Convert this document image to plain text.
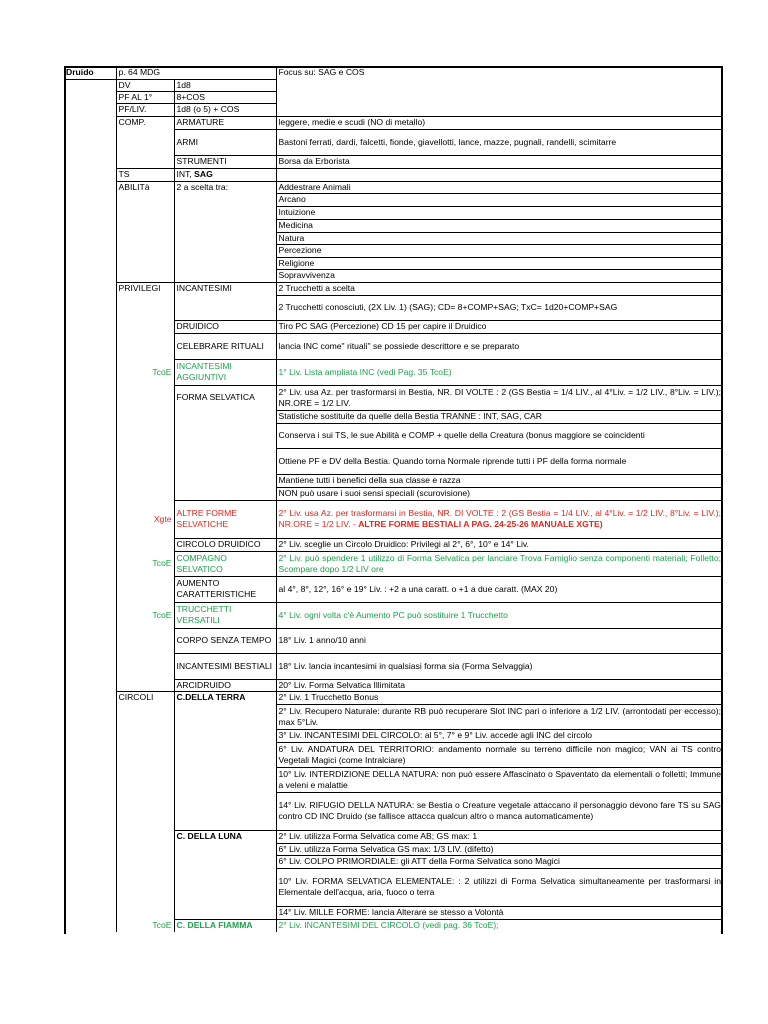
Druido	p. 64 MDG		Focus su: SAG e COS
	DV	1d8	
	PF AL 1°	8+COS	
	PF/LIV.	1d8 (o 5) + COS	
	COMP.	ARMATURE	leggere, medie e scudi (NO di metallo)
		ARMI	Bastoni ferrati, dardi, falcetti, fionde, giavellotti, lance, mazze, pugnali, randelli, scimitarre
		STRUMENTI	Borsa da Erborista
	TS	INT, SAG	
	ABILITà	2 a scelta tra:	Addestrare Animali
			Arcano
			Intuizione
			Medicina
			Natura
			Percezione
			Religione
			Sopravvivenza
	PRIVILEGI	INCANTESIMI	2 Trucchetti a scelta
			2 Trucchetti conosciuti, (2X Liv. 1) (SAG); CD= 8+COMP+SAG; TxC= 1d20+COMP+SAG
		DRUIDICO	Tiro PC SAG (Percezione) CD 15 per capire il Druidico
		CELEBRARE RITUALI	lancia INC come" rituali" se possiede descrittore e se preparato
	TcoE	INCANTESIMI AGGIUNTIVI	1° Liv. Lista ampliata INC (vedi Pag. 35 TcoE)
		FORMA SELVATICA	2° Liv. usa Az. per trasformarsi in Bestia, NR. DI VOLTE : 2 (GS Bestia = 1/4 LIV., al 4°Liv. = 1/2 LIV., 8°Liv. = LIV.); NR.ORE = 1/2 LIV.
			Statistiche sostituite da quelle della Bestia TRANNE : INT, SAG, CAR
			Conserva i sui TS, le sue Abilità e COMP + quelle della Creatura (bonus maggiore se coincidenti
			Ottiene PF e DV della Bestia. Quando torna Normale riprende tutti i PF della forma normale
			Mantiene tutti i benefici della sua classe e razza
			NON può usare i suoi sensi speciali (scurovisione)
	Xgte	ALTRE FORME SELVATICHE	2° Liv. usa Az. per trasformarsi in Bestia, NR. DI VOLTE : 2 (GS Bestia = 1/4 LIV., al 4°Liv. = 1/2 LIV., 8°Liv. = LIV.); NR.ORE = 1/2 LIV. - ALTRE FORME BESTIALI A PAG. 24-25-26 MANUALE XGTE)
		CIRCOLO DRUIDICO	2° Liv. sceglie un Circolo Druidico: Privilegi al 2°, 6°, 10° e 14° Liv.
	TcoE	COMPAGNO SELVATICO	2° Liv. può spendere 1 utilizzo di Forma Selvatica per lanciare Trova Famiglio senza componenti materiali; Folletto; Scompare dopo 1/2 LIV ore
		AUMENTO CARATTERISTICHE	al 4°, 8°, 12°, 16° e 19° Liv. : +2 a una caratt. o +1 a due caratt. (MAX 20)
	TcoE	TRUCCHETTI VERSATILI	4° Liv. ogni volta c'è Aumento PC può sostituire 1 Trucchetto
		CORPO SENZA TEMPO	18° Liv. 1 anno/10 anni
		INCANTESIMI BESTIALI	18° Liv. lancia incantesimi in qualsiasi forma sia (Forma Selvaggia)
		ARCIDRUIDO	20° Liv. Forma Selvatica Illimitata
	CIRCOLI	C.DELLA TERRA	2° Liv. 1 Trucchetto Bonus
			2° Liv. Recupero Naturale: durante RB può recuperare Slot INC pari o inferiore a 1/2 LIV. (arrontodati per eccesso); max 5°Liv.
			3° Liv. INCANTESIMI DEL CIRCOLO: al 5°, 7° e 9° Liv. accede agli INC del circolo
			6° Liv. ANDATURA DEL TERRITORIO: andamento normale su terreno difficile non magico; VAN ai TS contro Vegetali Magici (come Intralciare)
			10° Liv. INTERDIZIONE DELLA NATURA: non può essere Affascinato o Spaventato da elementali o folletti; Immune a veleni e malattie
			14° Liv. RIFUGIO DELLA NATURA: se Bestia o Creature vegetale attaccano il personaggio devono fare TS su SAG contro CD INC Druido (se fallisce attacca qualcun altro o manca automaticamente)
		C. DELLA LUNA	2° Liv. utilizza Forma Selvatica come AB; GS max: 1
			6° Liv. utilizza Forma Selvatica GS max: 1/3 LIV. (difetto)
			6° Liv. COLPO PRIMORDIALE: gli ATT della Forma Selvatica sono Magici
			10° Liv. FORMA SELVATICA ELEMENTALE: : 2 utilizzi di Forma Selvatica simultaneamente per trasformarsi in Elementale dell'acqua, aria, fuoco o terra
			14° Liv. MILLE FORME: lancia Alterare se stesso a Volontà
	TcoE	C. DELLA FIAMMA	2° Liv. INCANTESIMI DEL CIRCOLO (vedi pag. 36 TcoE);
